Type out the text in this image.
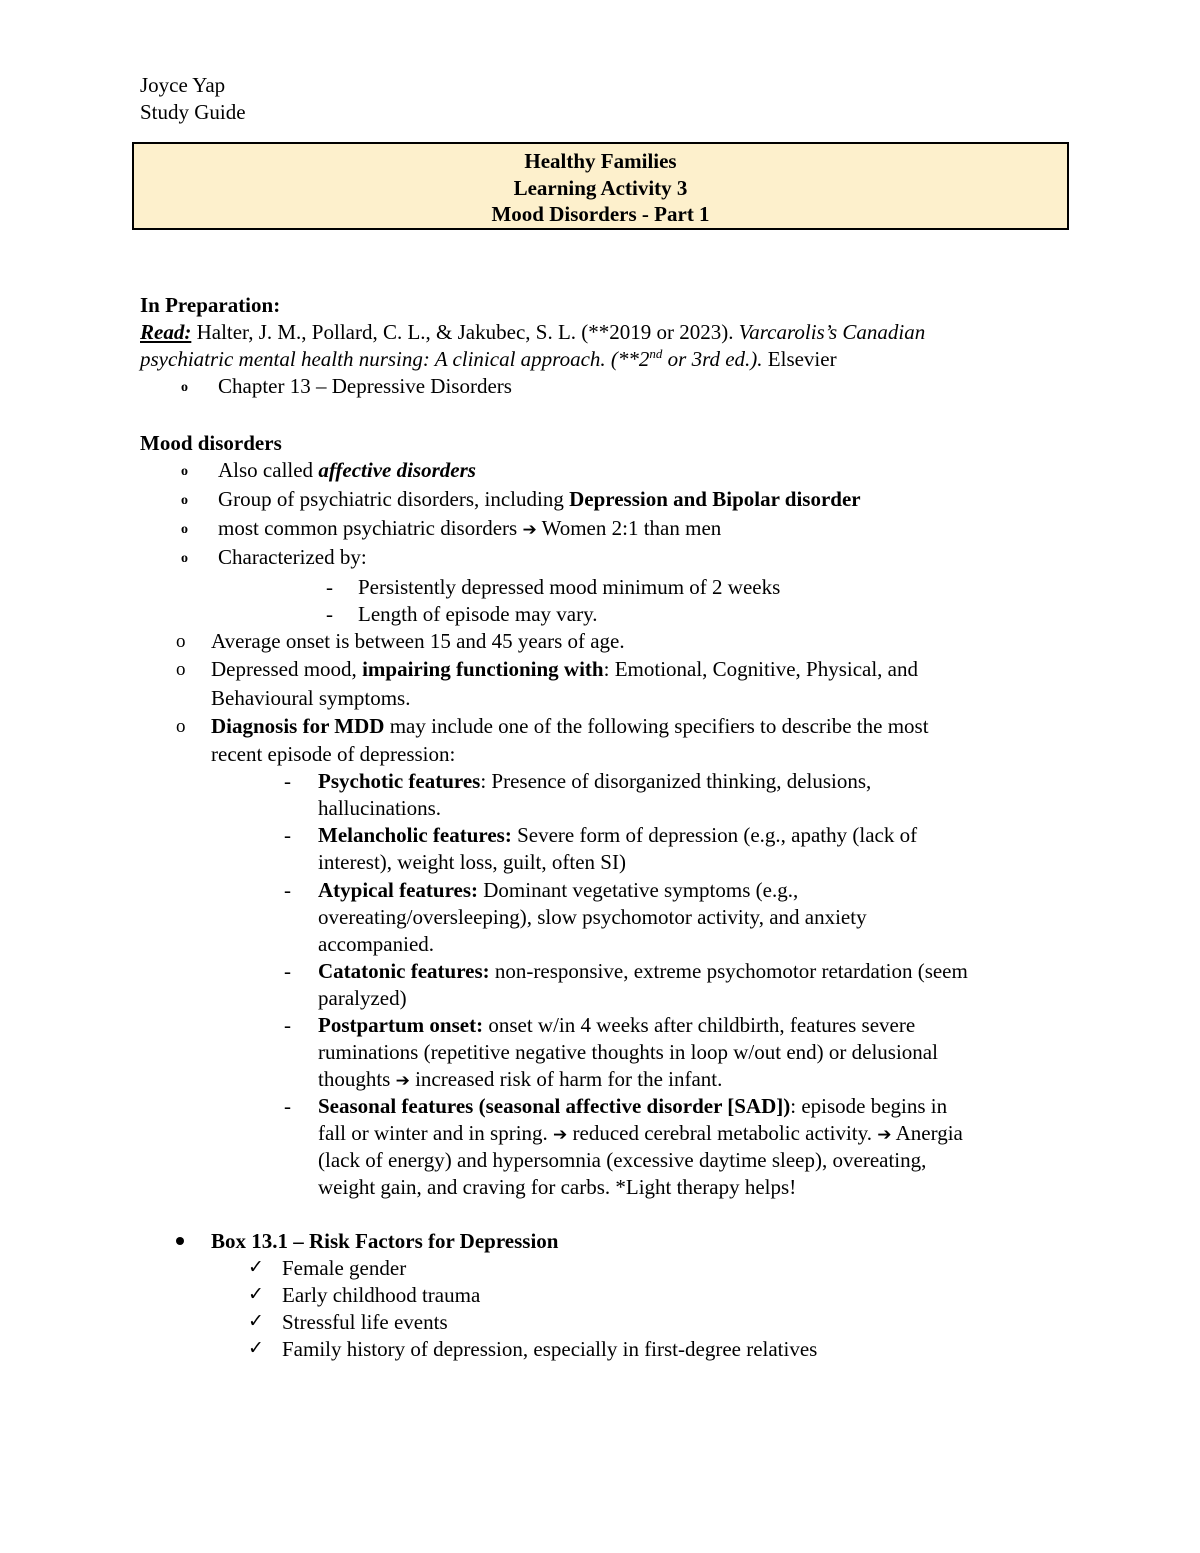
Joyce Yap
Study Guide
Healthy Families
Learning Activity 3
Mood Disorders - Part 1
In Preparation:
Read: Halter, J. M., Pollard, C. L., & Jakubec, S. L. (**2019 or 2023). Varcarolis’s Canadian
psychiatric mental health nursing: A clinical approach. (**2nd or 3rd ed.). Elsevier
o Chapter 13 – Depressive Disorders
Mood disorders
o Also called affective disorders
o Group of psychiatric disorders, including Depression and Bipolar disorder
o most common psychiatric disorders ➔ Women 2:1 than men
o Characterized by:
- Persistently depressed mood minimum of 2 weeks
- Length of episode may vary.
o Average onset is between 15 and 45 years of age.
o Depressed mood, impairing functioning with: Emotional, Cognitive, Physical, and
Behavioural symptoms.
o Diagnosis for MDD may include one of the following specifiers to describe the most
recent episode of depression:
- Psychotic features: Presence of disorganized thinking, delusions,
hallucinations.
- Melancholic features: Severe form of depression (e.g., apathy (lack of
interest), weight loss, guilt, often SI)
- Atypical features: Dominant vegetative symptoms (e.g.,
overeating/oversleeping), slow psychomotor activity, and anxiety
accompanied.
- Catatonic features: non-responsive, extreme psychomotor retardation (seem
paralyzed)
- Postpartum onset: onset w/in 4 weeks after childbirth, features severe
ruminations (repetitive negative thoughts in loop w/out end) or delusional
thoughts ➔ increased risk of harm for the infant.
- Seasonal features (seasonal affective disorder [SAD]): episode begins in
fall or winter and in spring. ➔ reduced cerebral metabolic activity. ➔ Anergia
(lack of energy) and hypersomnia (excessive daytime sleep), overeating,
weight gain, and craving for carbs. *Light therapy helps!
Box 13.1 – Risk Factors for Depression
✓ Female gender
✓ Early childhood trauma
✓ Stressful life events
✓ Family history of depression, especially in first-degree relatives
